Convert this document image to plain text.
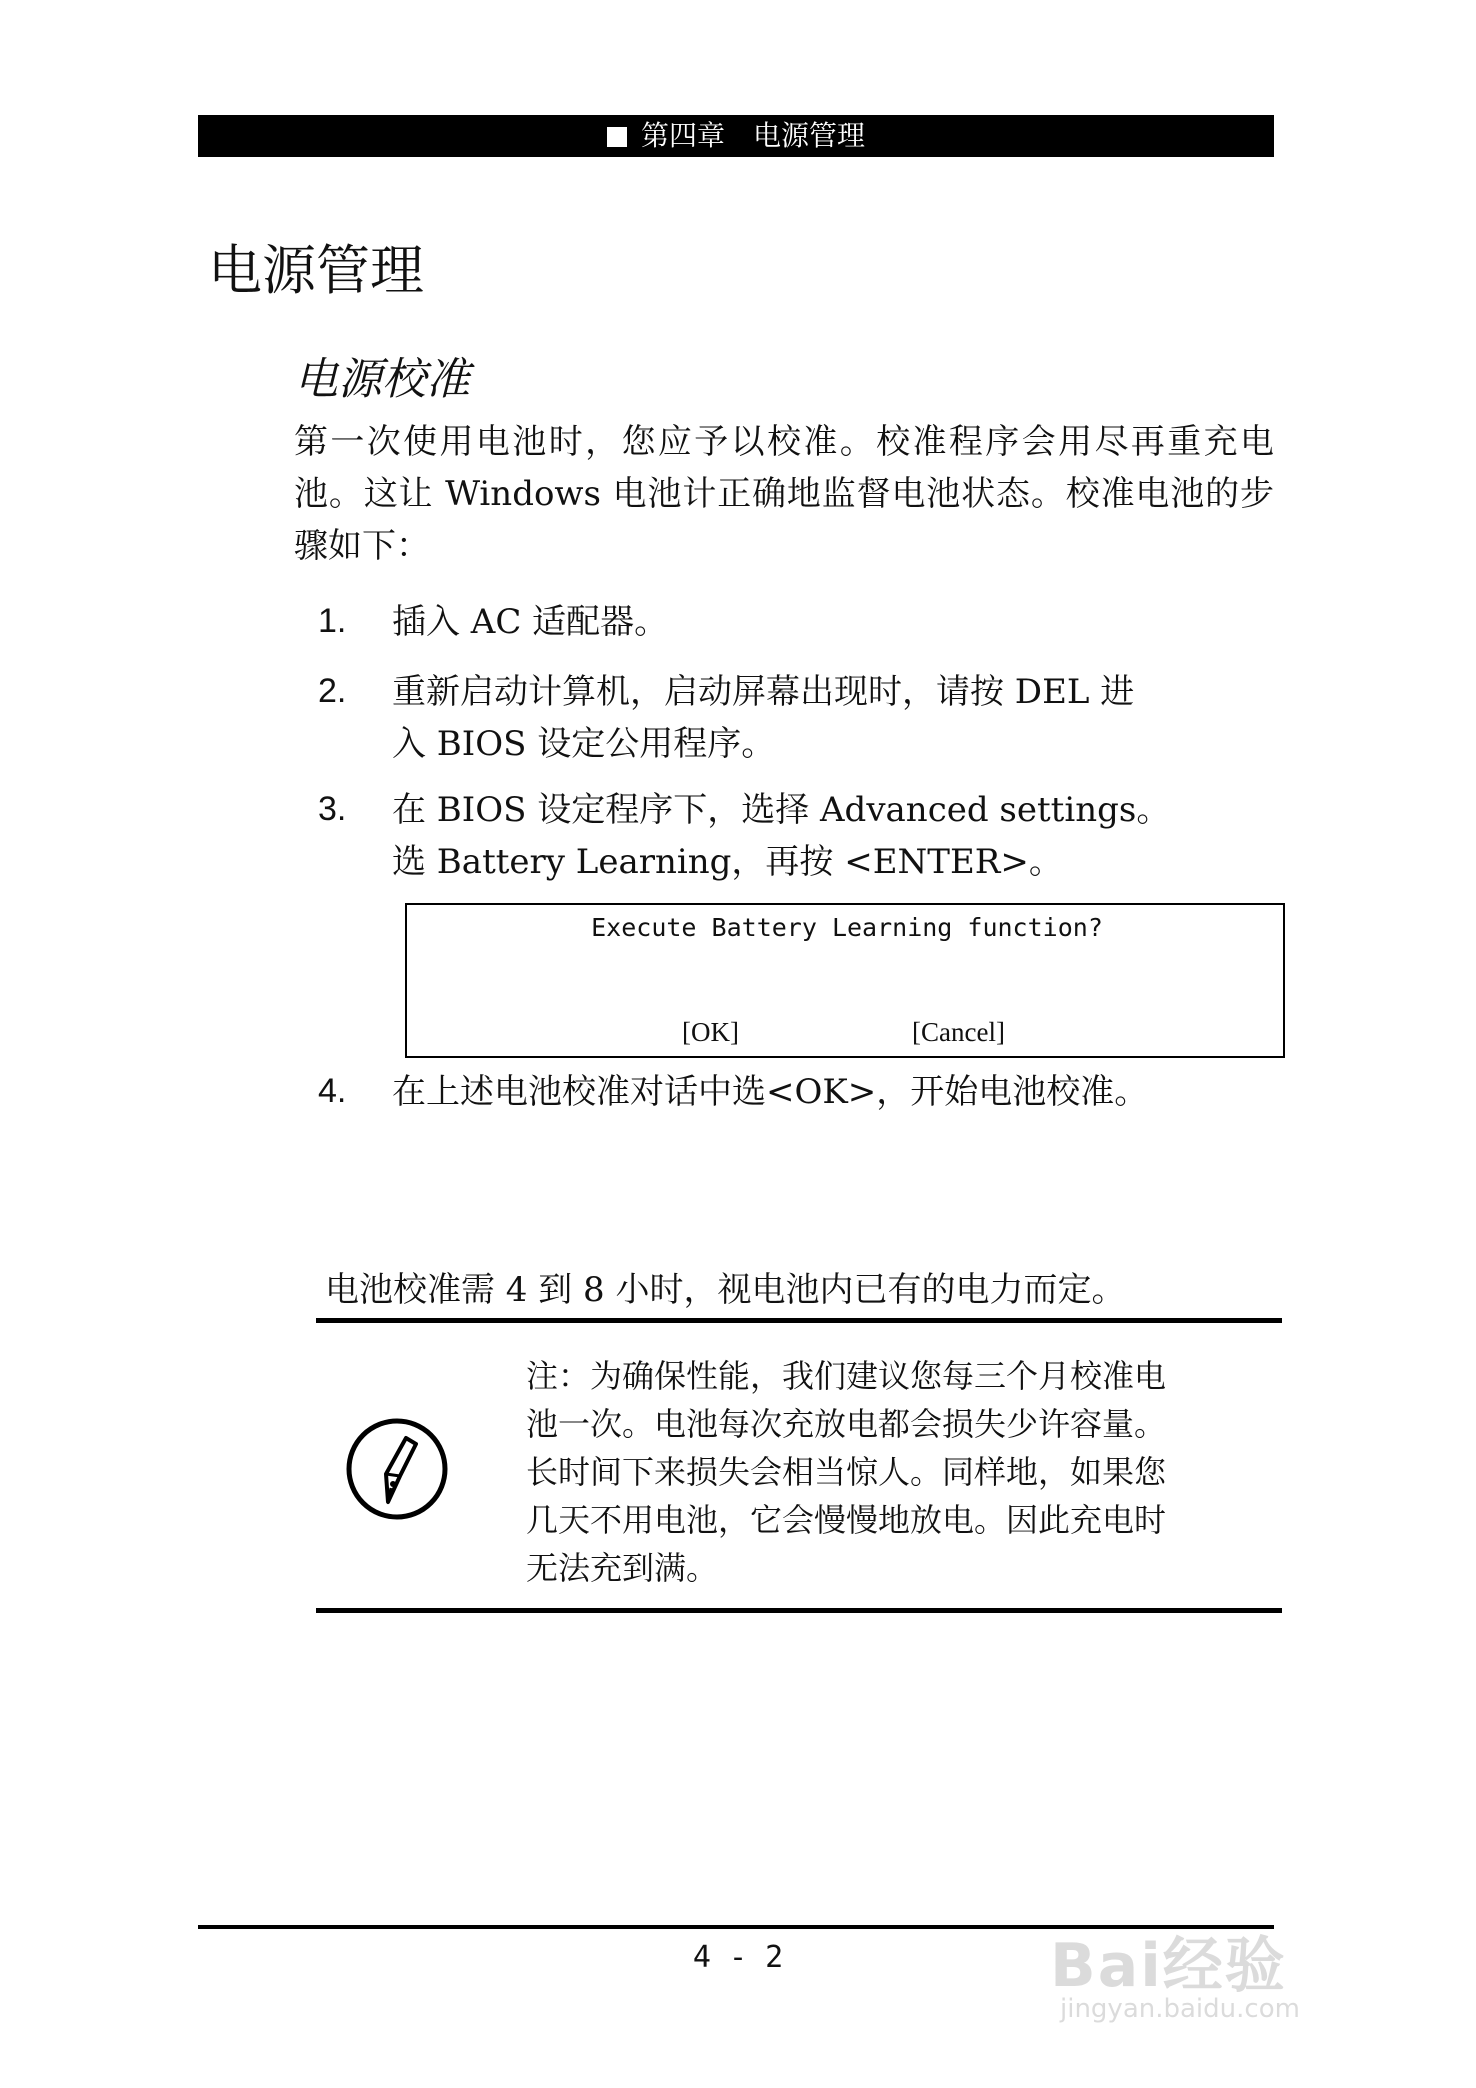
第四章　电源管理
电源管理
电源校准
第一次使用电池时，您应予以校准。校准程序会用尽再重充电池。这让 Windows 电池计正确地监督电池状态。校准电池的步骤如下：
1. 插入 AC 适配器。
2. 重新启动计算机，启动屏幕出现时，请按 DEL 进
入 BIOS 设定公用程序。
3. 在 BIOS 设定程序下，选择 Advanced settings。
选 Battery Learning，再按 <ENTER>。
Execute Battery Learning function?
[OK]	[Cancel]
4. 在上述电池校准对话中选<OK>，开始电池校准。
电池校准需 4 到 8 小时，视电池内已有的电力而定。
注：为确保性能，我们建议您每三个月校准电
池一次。电池每次充放电都会损失少许容量。
长时间下来损失会相当惊人。同样地，如果您
几天不用电池，它会慢慢地放电。因此充电时
无法充到满。
4 - 2	Bai经验
jingyan.baidu.com
